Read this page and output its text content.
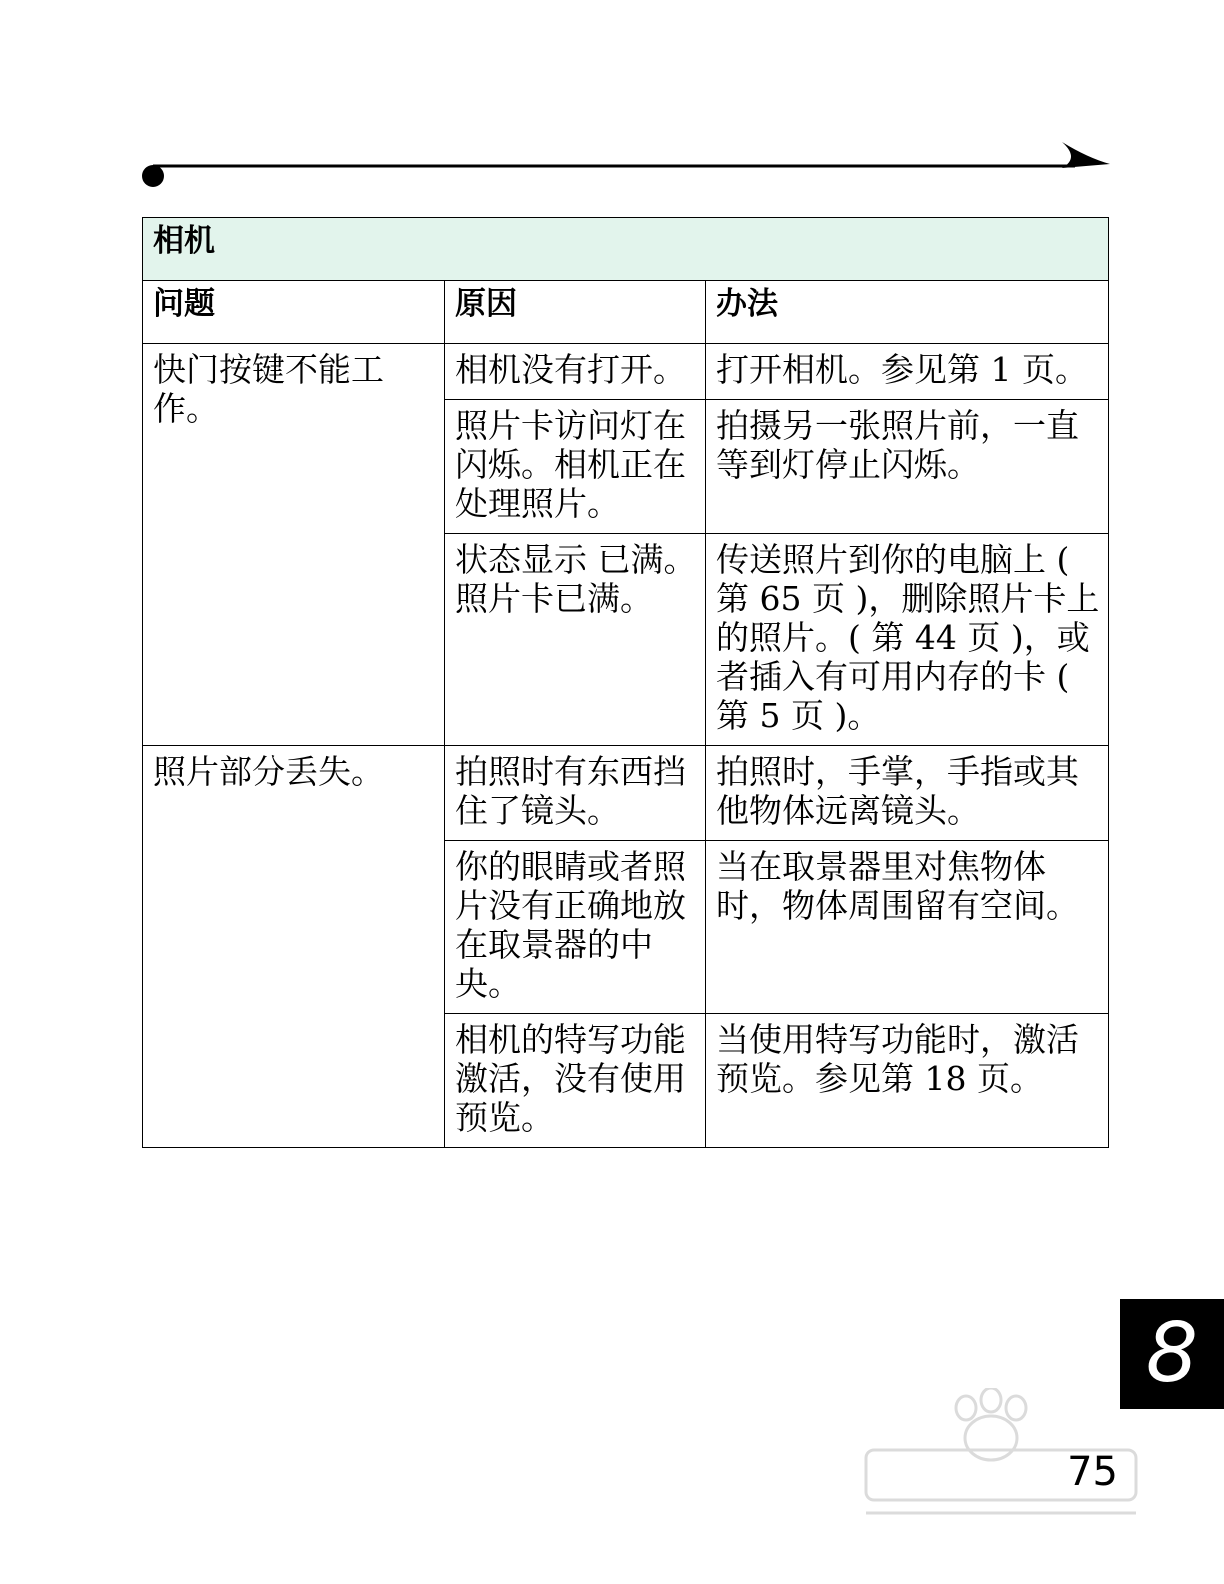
相机		
问题	原因	办法
快门按键不能工作。	相机没有打开。	打开相机。参见第 1 页。
	照片卡访问灯在闪烁。相机正在处理照片。	拍摄另一张照片前，一直等到灯停止闪烁。
	状态显示 已满。照片卡已满。	传送照片到你的电脑上 ( 第 65 页 )，删除照片卡上的照片。( 第 44 页 )，或者插入有可用内存的卡 ( 第 5 页 )。
照片部分丢失。	拍照时有东西挡住了镜头。	拍照时，手掌，手指或其他物体远离镜头。
	你的眼睛或者照片没有正确地放在取景器的中央。	当在取景器里对焦物体时，物体周围留有空间。
	相机的特写功能激活，没有使用预览。	当使用特写功能时，激活预览。参见第 18 页。
8
75
